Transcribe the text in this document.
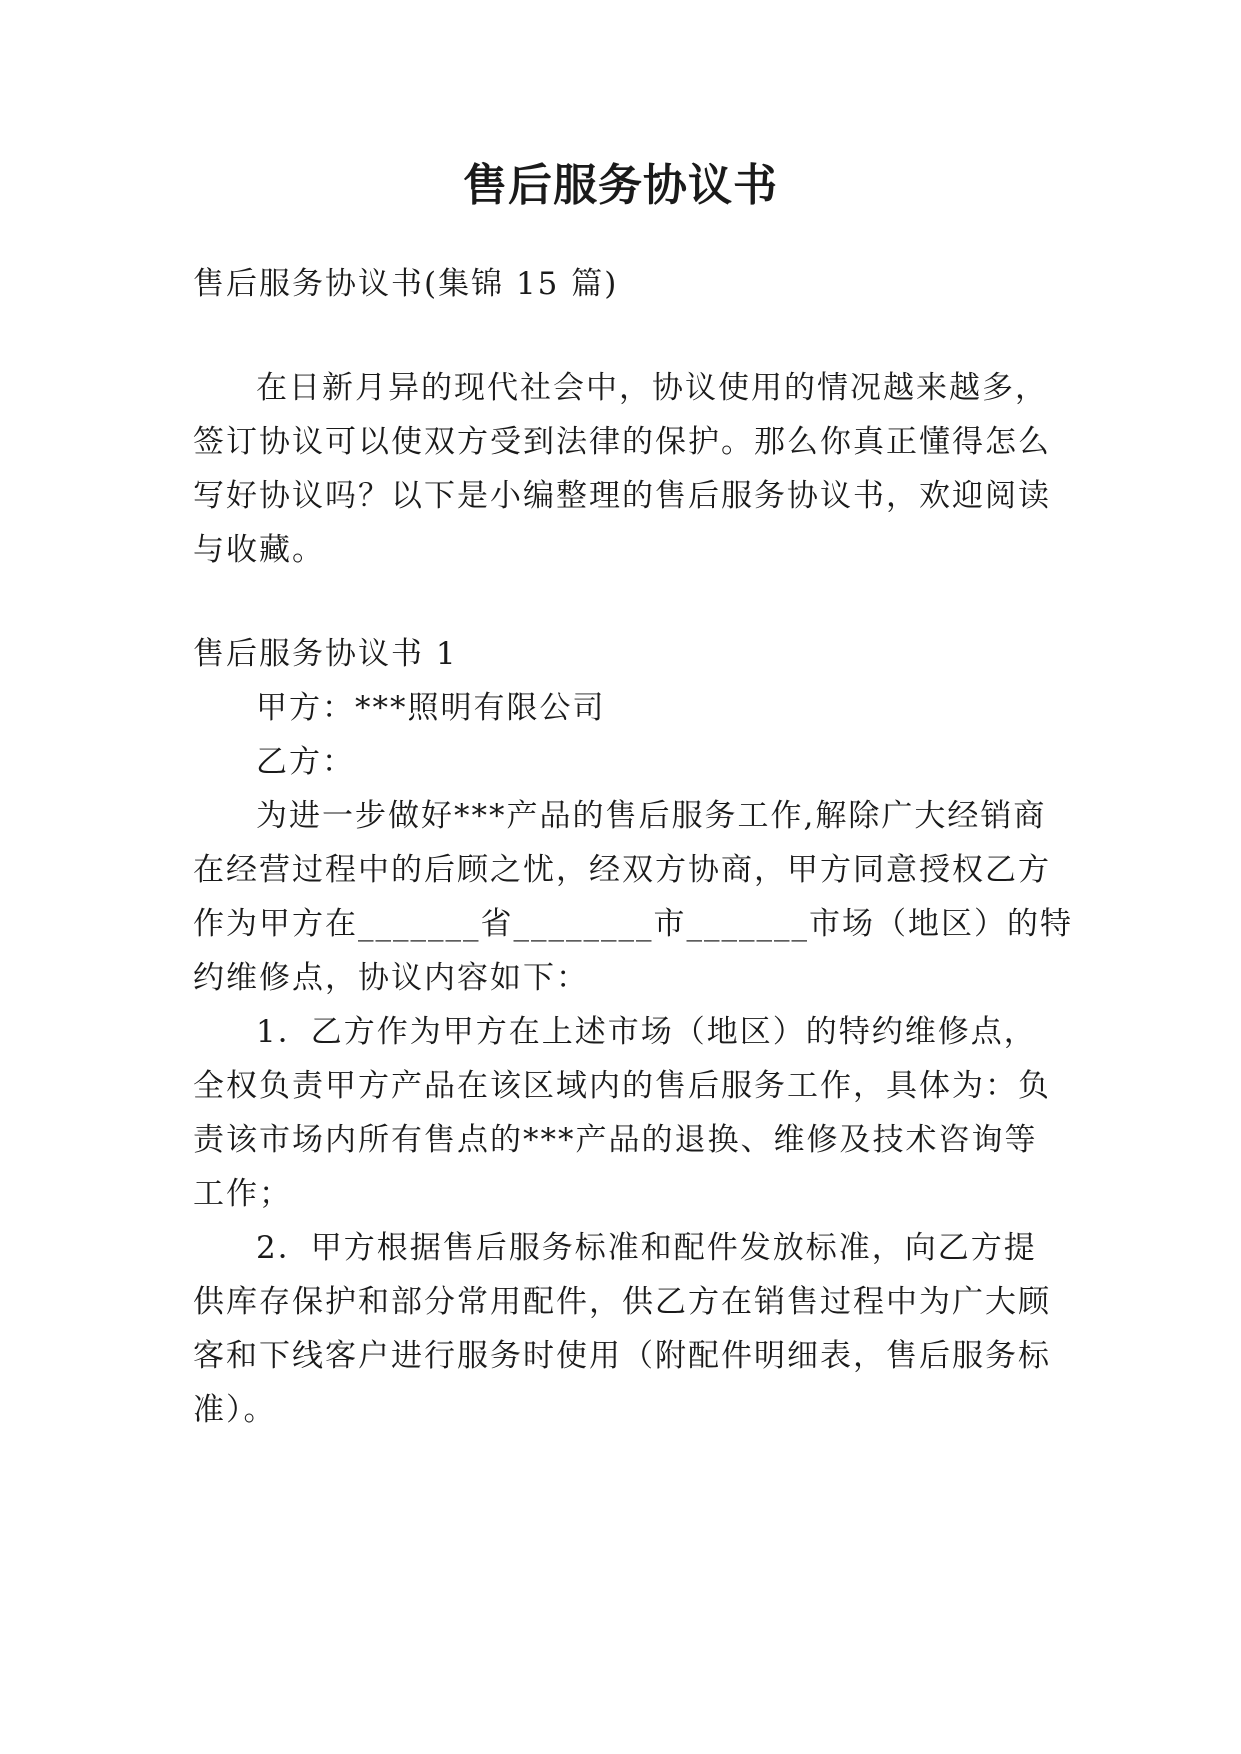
售后服务协议书
售后服务协议书(集锦 15 篇)
在日新月异的现代社会中，协议使用的情况越来越多，
签订协议可以使双方受到法律的保护。那么你真正懂得怎么
写好协议吗？以下是小编整理的售后服务协议书，欢迎阅读
与收藏。
售后服务协议书 1
甲方：***照明有限公司
乙方：
为进一步做好***产品的售后服务工作,解除广大经销商
在经营过程中的后顾之忧，经双方协商，甲方同意授权乙方
作为甲方在_______省________市_______市场（地区）的特
约维修点，协议内容如下：
1．乙方作为甲方在上述市场（地区）的特约维修点，
全权负责甲方产品在该区域内的售后服务工作，具体为：负
责该市场内所有售点的***产品的退换、维修及技术咨询等
工作；
2．甲方根据售后服务标准和配件发放标准，向乙方提
供库存保护和部分常用配件，供乙方在销售过程中为广大顾
客和下线客户进行服务时使用（附配件明细表，售后服务标
准）。
